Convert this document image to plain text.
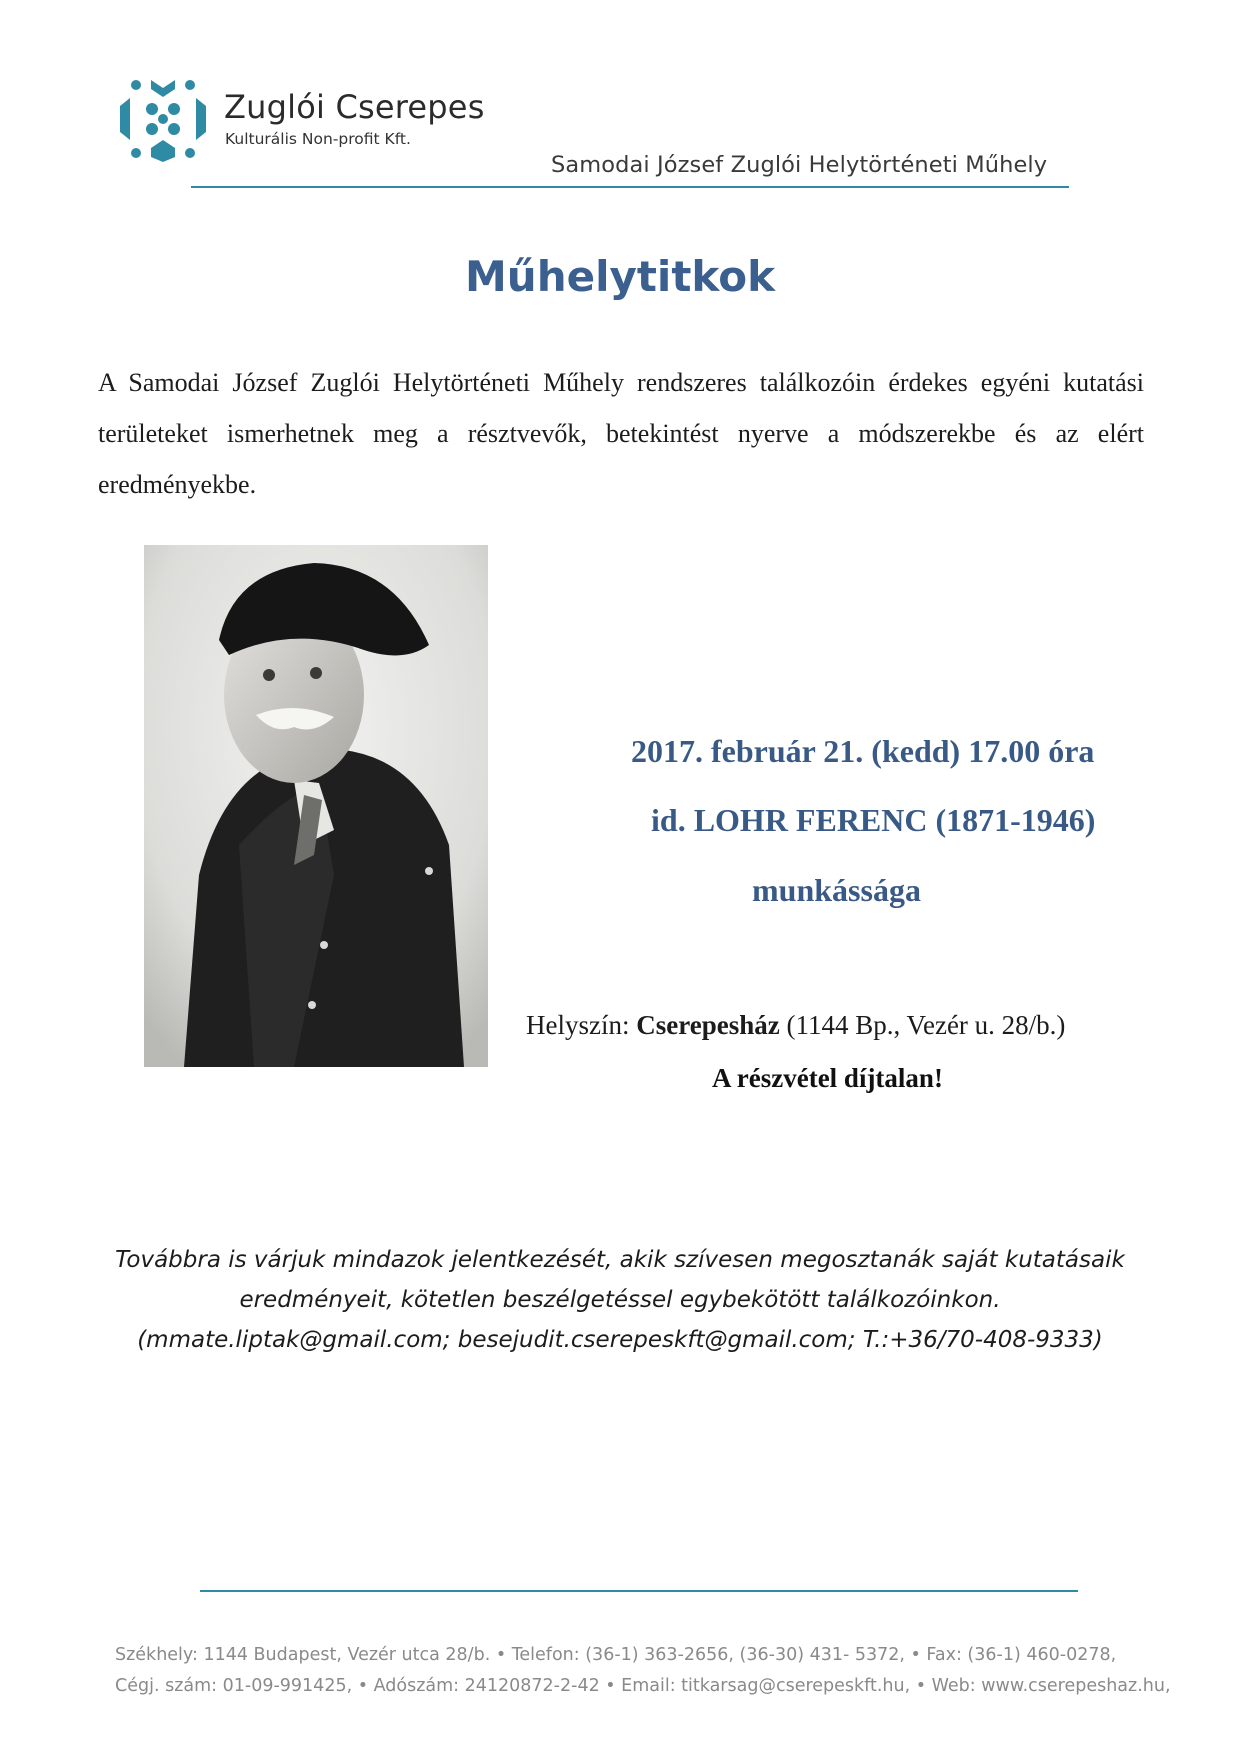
Zuglói Cserepes
Kulturális Non-profit Kft.
Samodai József Zuglói Helytörténeti Műhely
Műhelytitkok
A Samodai József Zuglói Helytörténeti Műhely rendszeres találkozóin érdekes egyéni kutatási területeket ismerhetnek meg a résztvevők, betekintést nyerve a módszerekbe és az elért eredményekbe.
2017. február 21. (kedd) 17.00 óra
id. LOHR FERENC (1871-1946)
munkássága
Helyszín: Cserepesház (1144 Bp., Vezér u. 28/b.)
A részvétel díjtalan!
Továbbra is várjuk mindazok jelentkezését, akik szívesen megosztanák saját kutatásaik
eredményeit, kötetlen beszélgetéssel egybekötött találkozóinkon.
(mmate.liptak@gmail.com; besejudit.cserepeskft@gmail.com; T.:+36/70-408-9333)
Székhely: 1144 Budapest, Vezér utca 28/b. • Telefon: (36-1) 363-2656, (36-30) 431- 5372, • Fax: (36-1) 460-0278,
Cégj. szám: 01-09-991425, • Adószám: 24120872-2-42 • Email: titkarsag@cserepeskft.hu, • Web: www.cserepeshaz.hu,
